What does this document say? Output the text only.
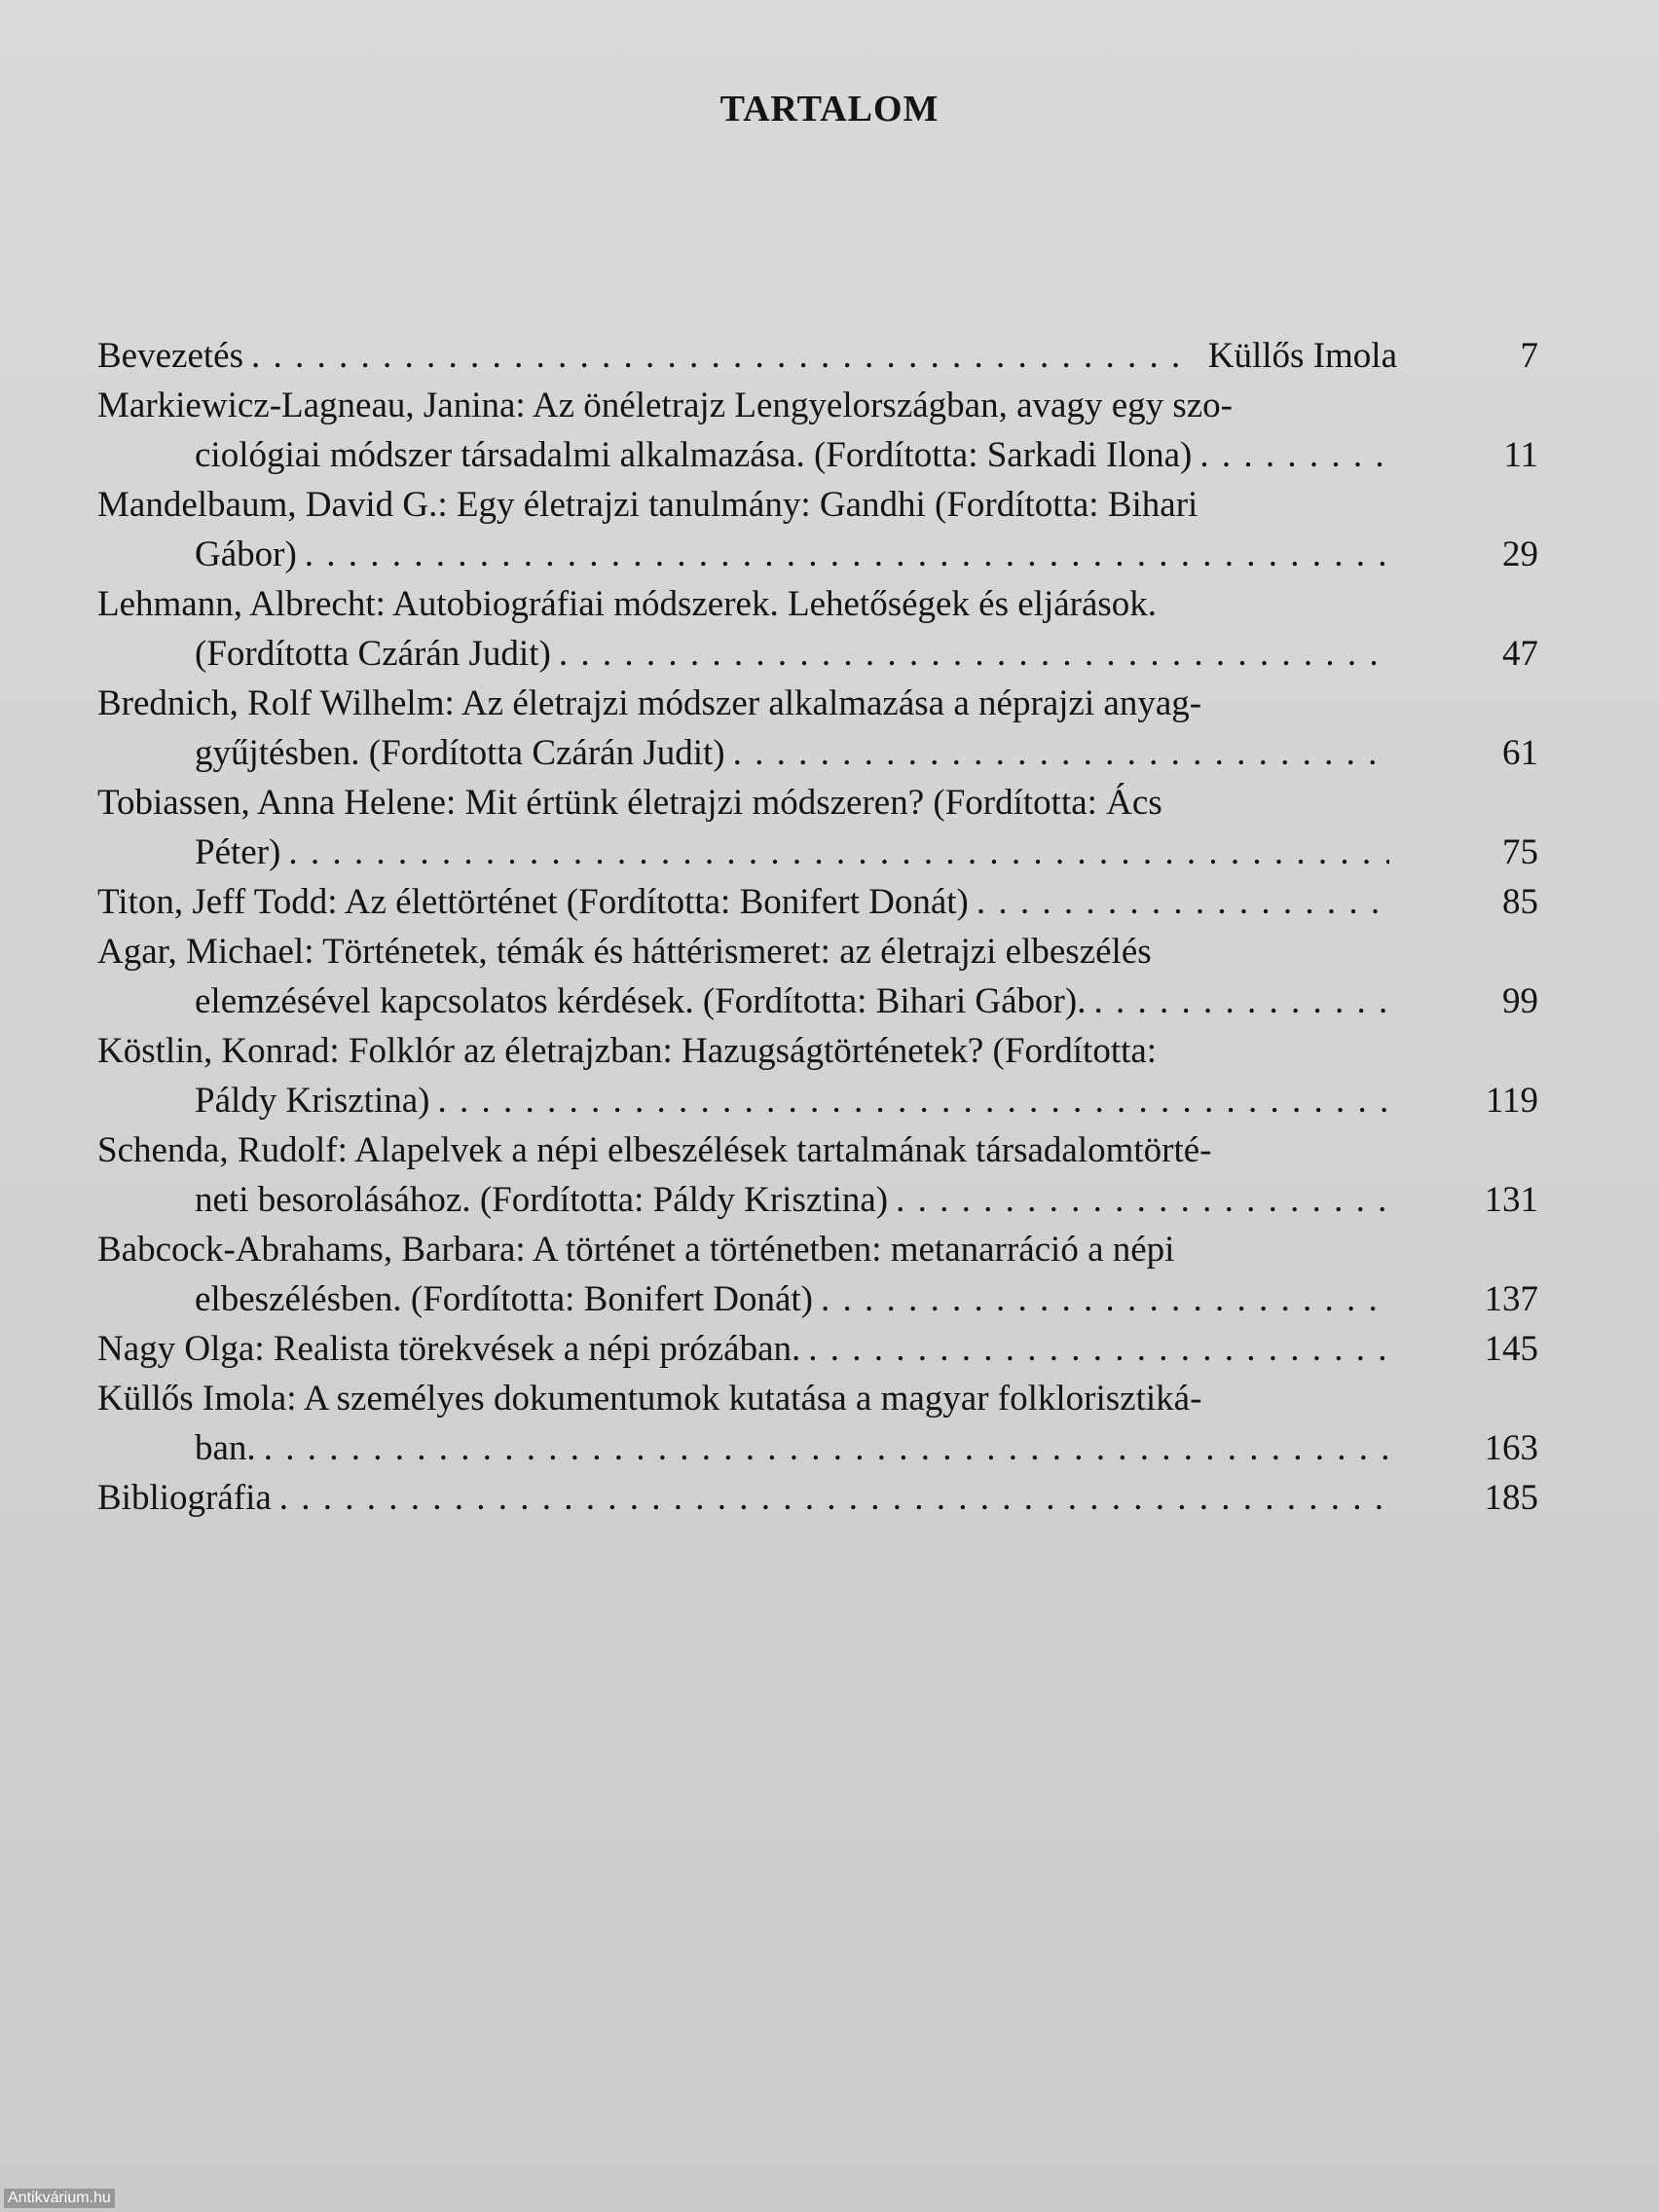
TARTALOM
Bevezetés . . .	Küllős Imola	7
Markiewicz-Lagneau, Janina: Az önéletrajz Lengyelországban, avagy egy szo-
ciológiai módszer társadalmi alkalmazása. (Fordította: Sarkadi Ilona) . . .	11
Mandelbaum, David G.: Egy életrajzi tanulmány: Gandhi (Fordította: Bihari
Gábor) . . .	29
Lehmann, Albrecht: Autobiográfiai módszerek. Lehetőségek és eljárások.
(Fordította Czárán Judit) . . .	47
Brednich, Rolf Wilhelm: Az életrajzi módszer alkalmazása a néprajzi anyag-
gyűjtésben. (Fordította Czárán Judit) . . .	61
Tobiassen, Anna Helene: Mit értünk életrajzi módszeren? (Fordította: Ács
Péter) . . .	75
Titon, Jeff Todd: Az élettörténet (Fordította: Bonifert Donát) . . .	85
Agar, Michael: Történetek, témák és háttérismeret: az életrajzi elbeszélés
elemzésével kapcsolatos kérdések. (Fordította: Bihari Gábor). . . .	99
Köstlin, Konrad: Folklór az életrajzban: Hazugságtörténetek? (Fordította:
Páldy Krisztina) . . .	119
Schenda, Rudolf: Alapelvek a népi elbeszélések tartalmának társadalomtörté-
neti besorolásához. (Fordította: Páldy Krisztina) . . .	131
Babcock-Abrahams, Barbara: A történet a történetben: metanarráció a népi
elbeszélésben. (Fordította: Bonifert Donát) . . .	137
Nagy Olga: Realista törekvések a népi prózában. . . .	145
Küllős Imola: A személyes dokumentumok kutatása a magyar folklorisztiká-
ban. . . .	163
Bibliográfia . . .	185
Antikvárium.hu
